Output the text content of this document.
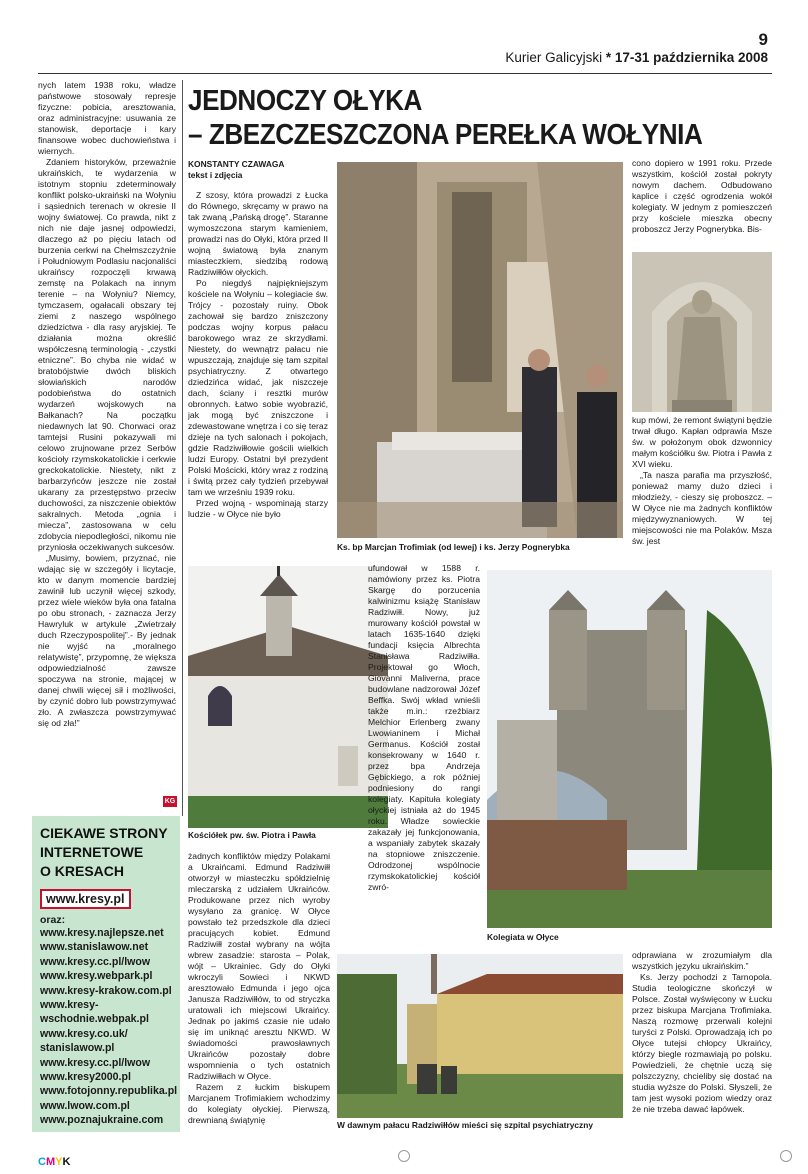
9
Kurier Galicyjski * 17-31 października 2008

nych latem 1938 roku, władze państwowe stosowały represje fizyczne: pobicia, aresztowania, oraz administracyjne: usuwania ze stanowisk, deportacje i kary finansowe wobec duchowieństwa i wiernych.

Zdaniem historyków, przeważnie ukraińskich, te wydarzenia w istotnym stopniu zdeterminowały konflikt polsko-ukraiński na Wołyniu i sąsiednich terenach w okresie II wojny światowej. Co prawda, nikt z nich nie daje jasnej odpowiedzi, dlaczego aż po pięciu latach od burzenia cerkwi na Chełmszczyźnie i Południowym Podlasiu nacjonaliści ukraińscy rozpoczęli krwawą zemstę na Polakach na innym terenie – na Wołyniu? Niemcy, tymczasem, ogałacali obszary tej ziemi z naszego wspólnego dziedzictwa - dla rasy aryjskiej. Te działania można określić współczesną terminologią - „czystki etniczne”. Bo chyba nie widać w bratobójstwie dwóch bliskich słowiańskich narodów podobieństwa do ostatnich wydarzeń wojskowych na Bałkanach? Na początku niedawnych lat 90. Chorwaci oraz tamtejsi Rusini pokazywali mi celowo zrujnowane przez Serbów kościoły rzymskokatolickie i cerkwie greckokatolickie. Niestety, nikt z barbarzyńców jeszcze nie został ukarany za przestępstwo przeciw duchowości, za niszczenie obiektów sakralnych. Metoda „ognia i miecza”, zastosowana w celu zdobycia niepodległości, nikomu nie przyniosła oczekiwanych sukcesów.

„Musimy, bowiem, przyznać, nie wdając się w szczegóły i licytacje, kto w danym momencie bardziej zawinił lub uczynił więcej szkody, przez wiele wieków była ona fatalna po obu stronach, - zaznacza Jerzy Hawryluk w artykule „Zwietrzały duch Rzeczypospolitej”.- By jednak nie wyjść na „moralnego relatywistę”, przypomnę, że większa odpowiedzialność zawsze spoczywa na stronie, mającej w danej chwili więcej sił i możliwości, by czynić dobro lub powstrzymywać zło. A zwłaszcza powstrzymywać się od zła!”

KG
CIEKAWE STRONY
INTERNETOWE
O KRESACH
www.kresy.pl
oraz:
www.kresy.najlepsze.net
www.stanislawow.net
www.kresy.cc.pl/lwow
www.kresy.webpark.pl
www.kresy-krakow.com.pl
www.kresy-
wschodnie.webpak.pl
www.kresy.co.uk/
stanislawow.pl
www.kresy.cc.pl/lwow
www.kresy2000.pl
www.fotojonny.republika.pl
www.lwow.com.pl
www.poznajukraine.com
JEDNOCZY OŁYKA
– ZBEZCZESZCZONA PEREŁKA WOŁYNIA
KONSTANTY CZAWAGA
tekst i zdjęcia

Z szosy, która prowadzi z Łucka do Równego, skręcamy w prawo na tak zwaną „Pańską drogę”. Staranne wymoszczona starym kamieniem, prowadzi nas do Ołyki, która przed II wojną światową była znanym miasteczkiem, siedzibą rodową Radziwiłłów ołyckich.

Po niegdyś najpiękniejszym kościele na Wołyniu – kolegiacie św. Trójcy - pozostały ruiny. Obok zachował się bardzo zniszczony podczas wojny korpus pałacu barokowego wraz ze skrzydłami. Niestety, do wewnątrz pałacu nie wpuszczają, znajduje się tam szpital psychiatryczny. Z otwartego dziedzińca widać, jak niszczeje dach, ściany i resztki murów obronnych. Łatwo sobie wyobrazić, jak mogą być zniszczone i zdewastowane wnętrza i co się teraz dzieje na tych salonach i pokojach, gdzie Radziwiłłowie gościli wielkich ludzi Europy. Ostatni był prezydent Polski Mościcki, który wraz z rodziną i świtą przez cały tydzień przebywał tam we wrześniu 1939 roku.

Przed wojną - wspominają starzy ludzie - w Ołyce nie było

Ks. bp Marcjan Trofimiak (od lewej) i ks. Jerzy Pognerybka

cono dopiero w 1991 roku. Przede wszystkim, kościół został pokryty nowym dachem. Odbudowano kaplice i część ogrodzenia wokół kolegiaty. W jednym z pomieszczeń przy kościele mieszka obecny proboszcz Jerzy Pognerybka. Bis-

kup mówi, że remont świątyni będzie trwał długo. Kapłan odprawia Msze św. w położonym obok dzwonnicy małym kościółku św. Piotra i Pawła z XVI wieku.

„Ta nasza parafia ma przyszłość, ponieważ mamy dużo dzieci i młodzieży, - cieszy się proboszcz. – W Ołyce nie ma żadnych konfliktów międzywyznaniowych. W tej miejscowości nie ma Polaków. Msza św. jest

Kościółek pw. św. Piotra i Pawła

ufundował w 1588 r. namówiony przez ks. Piotra Skargę do porzucenia kalwinizmu książę Stanisław Radziwiłł. Nowy, już murowany kościół powstał w latach 1635-1640 dzięki fundacji księcia Albrechta Stanisława Radziwiłła. Projektował go Włoch, Giovanni Maliverna, prace budowlane nadzorował Józef Beffka. Swój wkład wnieśli także m.in.: rzeźbiarz Melchior Erlenberg zwany Lwowianinem i Michał Germanus. Kościół został konsekrowany w 1640 r. przez bpa Andrzeja Gębickiego, a rok później podniesiony do rangi kolegiaty. Kapituła kolegiaty ołyckiej istniała aż do 1945 roku. Władze sowieckie zakazały jej funkcjonowania, a wspaniały zabytek skazały na stopniowe zniszczenie. Odrodzonej wspólnocie rzymskokatolickiej kościół zwró-

Kolegiata w Ołyce

żadnych konfliktów między Polakami a Ukraińcami. Edmund Radziwiłł otworzył w miasteczku spółdzielnię mleczarską z udziałem Ukraińców. Produkowane przez nich wyroby wysyłano za granicę. W Ołyce powstało też przedszkole dla dzieci pracujących kobiet. Edmund Radziwiłł został wybrany na wójta wbrew zasadzie: starosta – Polak, wójt – Ukrainiec. Gdy do Ołyki wkroczyli Sowieci i NKWD aresztowało Edmunda i jego ojca Janusza Radziwiłłów, to od stryczka uratowali ich miejscowi Ukraińcy. Jednak po jakimś czasie nie udało się im uniknąć aresztu NKWD. W świadomości prawosławnych Ukraińców pozostały dobre wspomnienia o tych ostatnich Radziwiłłach w Ołyce.

Razem z łuckim biskupem Marcjanem Trofimiakiem wchodzimy do kolegiaty ołyckiej. Pierwszą, drewnianą świątynię	W dawnym pałacu Radziwiłłów mieści się szpital psychiatryczny

odprawiana w zrozumiałym dla wszystkich języku ukraińskim.”

Ks. Jerzy pochodzi z Tarnopola. Studia teologiczne skończył w Polsce. Został wyświęcony w Łucku przez biskupa Marcjana Trofimiaka. Naszą rozmowę przerwali kolejni turyści z Polski. Oprowadzają ich po Ołyce tutejsi chłopcy Ukraińcy, którzy biegle rozmawiają po polsku. Powiedzieli, że chętnie uczą się polszczyzny, chcieliby się dostać na studia wyższe do Polski. Słyszeli, że tam jest wysoki poziom wiedzy oraz że nie trzeba dawać łapówek.

CMYK
